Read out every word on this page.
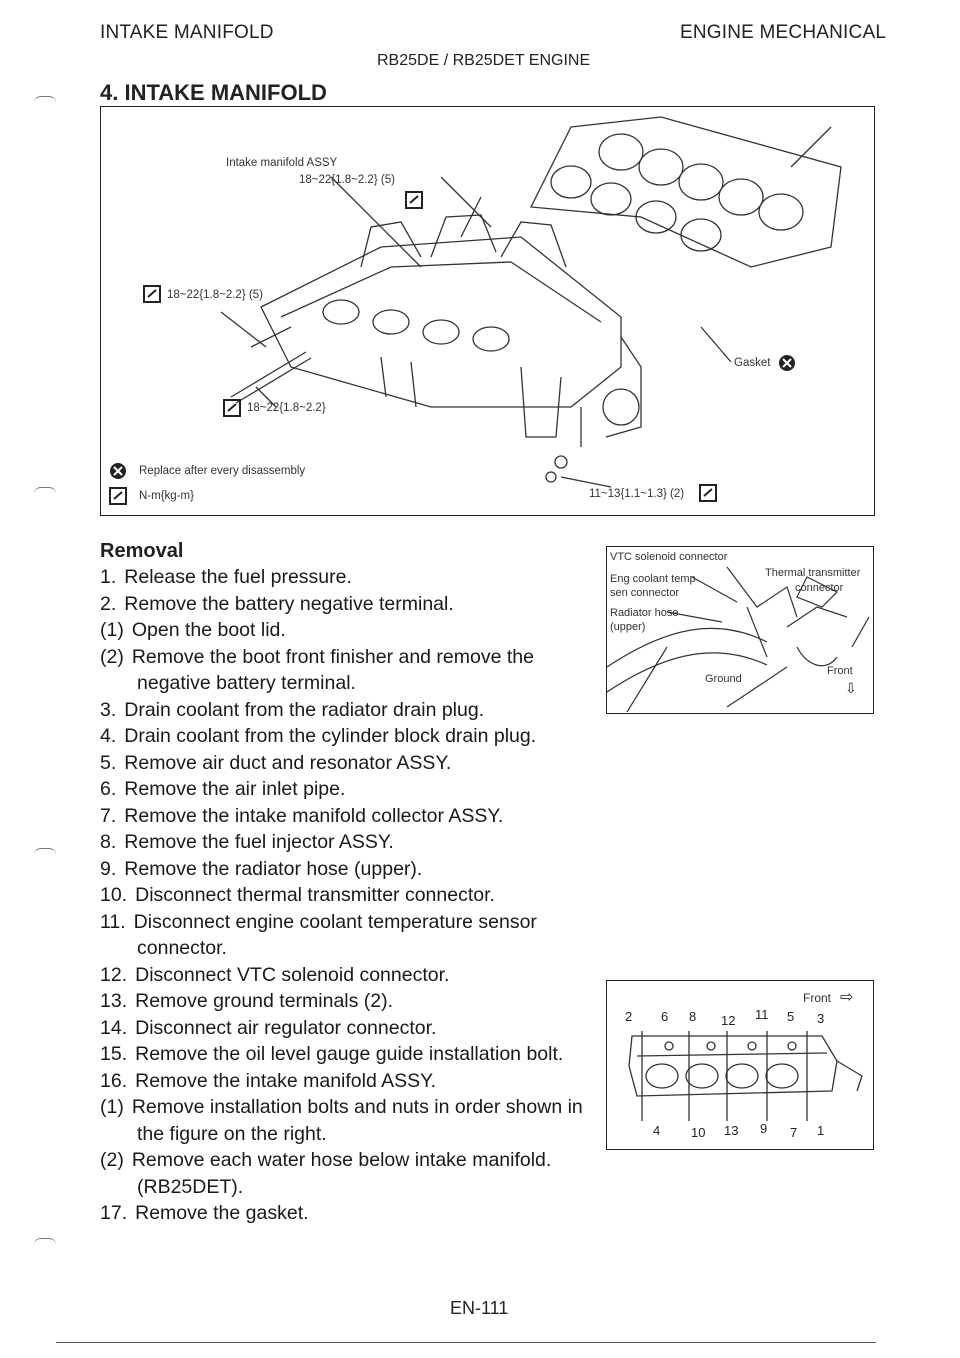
INTAKE MANIFOLD	ENGINE MECHANICAL
RB25DE / RB25DET ENGINE
4. INTAKE MANIFOLD
Intake manifold ASSY
18~22{1.8~2.2} (5)
18~22{1.8~2.2} (5)
18~22{1.8~2.2}
Gasket
Replace after every disassembly
N-m{kg-m}	11~13{1.1~1.3} (2)
VTC solenoid connector
Eng coolant temp
sen connector
Thermal transmitter
connector
Radiator hose
(upper)
Ground
Front
⇩
Front ⇨
2 6 8 12 11 5 3
4 10 13 9 7 1
Removal
1. Release the fuel pressure.
2. Remove the battery negative terminal.
(1) Open the boot lid.
(2) Remove the boot front finisher and remove the
negative battery terminal.
3. Drain coolant from the radiator drain plug.
4. Drain coolant from the cylinder block drain plug.
5. Remove air duct and resonator ASSY.
6. Remove the air inlet pipe.
7. Remove the intake manifold collector ASSY.
8. Remove the fuel injector ASSY.
9. Remove the radiator hose (upper).
10. Disconnect thermal transmitter connector.
11. Disconnect engine coolant temperature sensor
connector.
12. Disconnect VTC solenoid connector.
13. Remove ground terminals (2).
14. Disconnect air regulator connector.
15. Remove the oil level gauge guide installation bolt.
16. Remove the intake manifold ASSY.
(1) Remove installation bolts and nuts in order shown in
the figure on the right.
(2) Remove each water hose below intake manifold.
(RB25DET).
17. Remove the gasket.
EN-111
